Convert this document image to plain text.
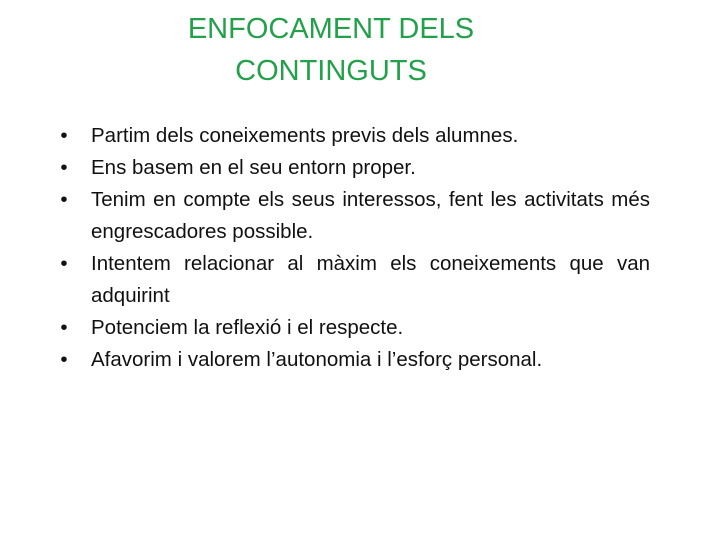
ENFOCAMENT DELS
CONTINGUTS
• Partim dels coneixements previs dels alumnes.
• Ens basem en el seu entorn proper.
• Tenim en compte els seus interessos, fent les activitats més engrescadores possible.
• Intentem relacionar al màxim els coneixements que van adquirint
• Potenciem la reflexió i el respecte.
• Afavorim i valorem l’autonomia i l’esforç personal.
